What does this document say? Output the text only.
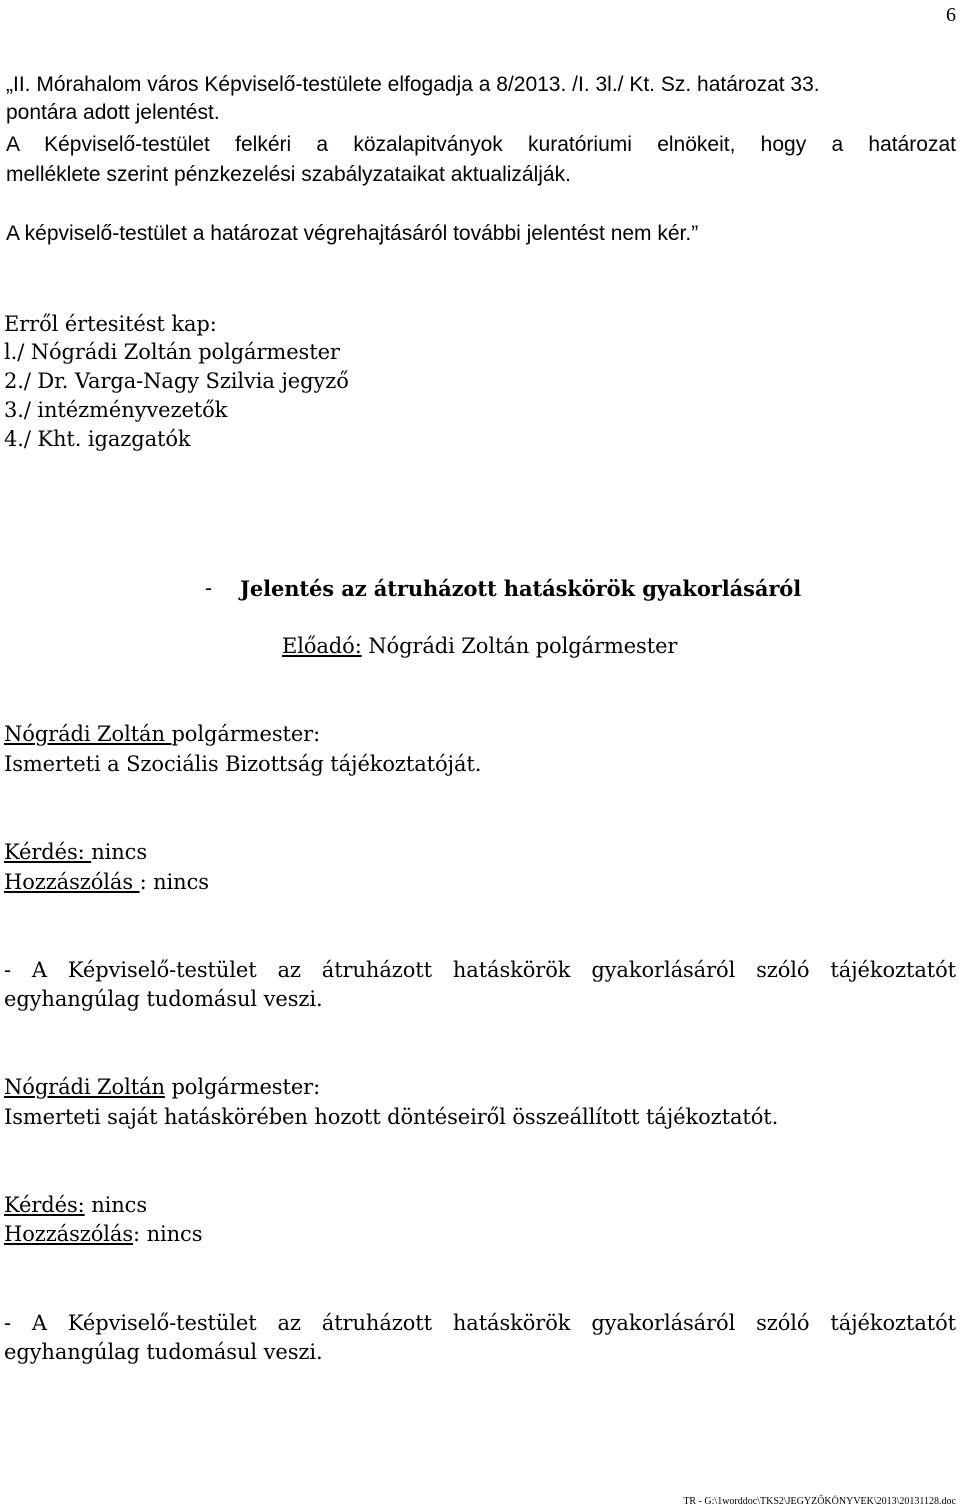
6
„II. Mórahalom város Képviselő-testülete elfogadja a 8/2013. /I. 3l./ Kt. Sz. határozat 33.
pontára adott jelentést.
A Képviselő-testület felkéri a közalapitványok kuratóriumi elnökeit, hogy a határozat
melléklete szerint pénzkezelési szabályzataikat aktualizálják.
A képviselő-testület a határozat végrehajtásáról további jelentést nem kér.”
Erről értesitést kap:
l./ Nógrádi Zoltán polgármester
2./ Dr. Varga-Nagy Szilvia jegyző
3./ intézményvezetők
4./ Kht. igazgatók
- Jelentés az átruházott hatáskörök gyakorlásáról
Előadó: Nógrádi Zoltán polgármester
Nógrádi Zoltán polgármester:
Ismerteti a Szociális Bizottság tájékoztatóját.
Kérdés: nincs
Hozzászólás : nincs
- A Képviselő-testület az átruházott hatáskörök gyakorlásáról szóló tájékoztatót
egyhangúlag tudomásul veszi.
Nógrádi Zoltán polgármester:
Ismerteti saját hatáskörében hozott döntéseiről összeállított tájékoztatót.
Kérdés: nincs
Hozzászólás: nincs
- A Képviselő-testület az átruházott hatáskörök gyakorlásáról szóló tájékoztatót
egyhangúlag tudomásul veszi.
TR - G:\1worddoc\TKS2\JEGYZŐKÖNYVEK\2013\20131128.doc
